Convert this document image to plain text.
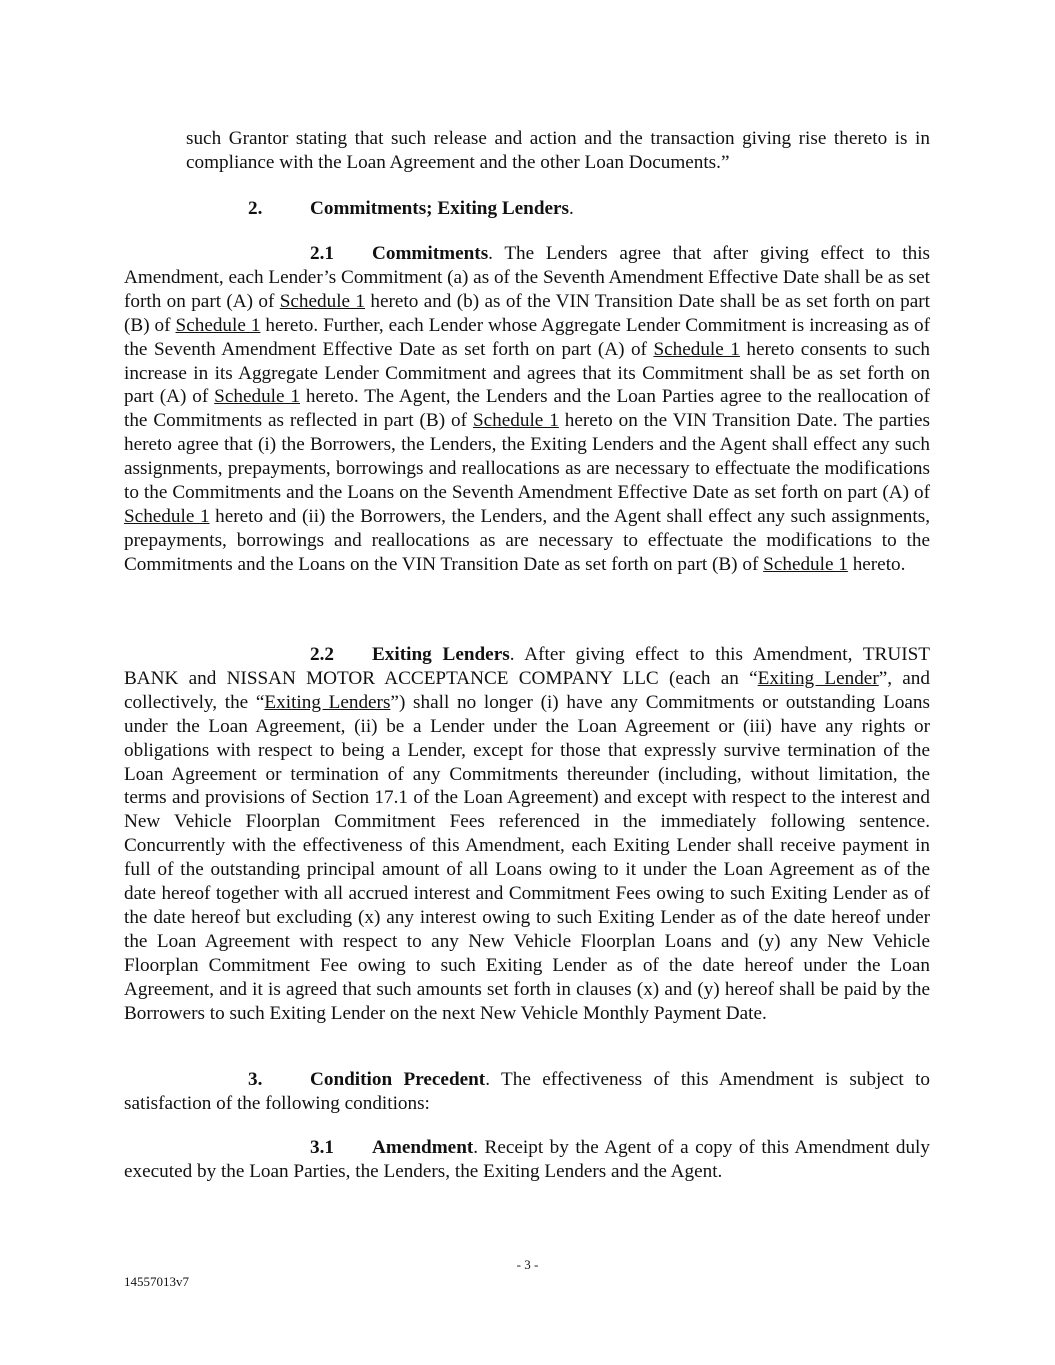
such Grantor stating that such release and action and the transaction giving rise thereto is in compliance with the Loan Agreement and the other Loan Documents.”

2. Commitments; Exiting Lenders.

2.1 Commitments. The Lenders agree that after giving effect to this Amendment, each Lender’s Commitment (a) as of the Seventh Amendment Effective Date shall be as set forth on part (A) of Schedule 1 hereto and (b) as of the VIN Transition Date shall be as set forth on part (B) of Schedule 1 hereto. Further, each Lender whose Aggregate Lender Commitment is increasing as of the Seventh Amendment Effective Date as set forth on part (A) of Schedule 1 hereto consents to such increase in its Aggregate Lender Commitment and agrees that its Commitment shall be as set forth on part (A) of Schedule 1 hereto. The Agent, the Lenders and the Loan Parties agree to the reallocation of the Commitments as reflected in part (B) of Schedule 1 hereto on the VIN Transition Date. The parties hereto agree that (i) the Borrowers, the Lenders, the Exiting Lenders and the Agent shall effect any such assignments, prepayments, borrowings and reallocations as are necessary to effectuate the modifications to the Commitments and the Loans on the Seventh Amendment Effective Date as set forth on part (A) of Schedule 1 hereto and (ii) the Borrowers, the Lenders, and the Agent shall effect any such assignments, prepayments, borrowings and reallocations as are necessary to effectuate the modifications to the Commitments and the Loans on the VIN Transition Date as set forth on part (B) of Schedule 1 hereto.

2.2 Exiting Lenders. After giving effect to this Amendment, TRUIST BANK and NISSAN MOTOR ACCEPTANCE COMPANY LLC (each an “Exiting Lender”, and collectively, the “Exiting Lenders”) shall no longer (i) have any Commitments or outstanding Loans under the Loan Agreement, (ii) be a Lender under the Loan Agreement or (iii) have any rights or obligations with respect to being a Lender, except for those that expressly survive termination of the Loan Agreement or termination of any Commitments thereunder (including, without limitation, the terms and provisions of Section 17.1 of the Loan Agreement) and except with respect to the interest and New Vehicle Floorplan Commitment Fees referenced in the immediately following sentence. Concurrently with the effectiveness of this Amendment, each Exiting Lender shall receive payment in full of the outstanding principal amount of all Loans owing to it under the Loan Agreement as of the date hereof together with all accrued interest and Commitment Fees owing to such Exiting Lender as of the date hereof but excluding (x) any interest owing to such Exiting Lender as of the date hereof under the Loan Agreement with respect to any New Vehicle Floorplan Loans and (y) any New Vehicle Floorplan Commitment Fee owing to such Exiting Lender as of the date hereof under the Loan Agreement, and it is agreed that such amounts set forth in clauses (x) and (y) hereof shall be paid by the Borrowers to such Exiting Lender on the next New Vehicle Monthly Payment Date.

3. Condition Precedent. The effectiveness of this Amendment is subject to satisfaction of the following conditions:

3.1 Amendment. Receipt by the Agent of a copy of this Amendment duly executed by the Loan Parties, the Lenders, the Exiting Lenders and the Agent.

- 3 -
14557013v7
